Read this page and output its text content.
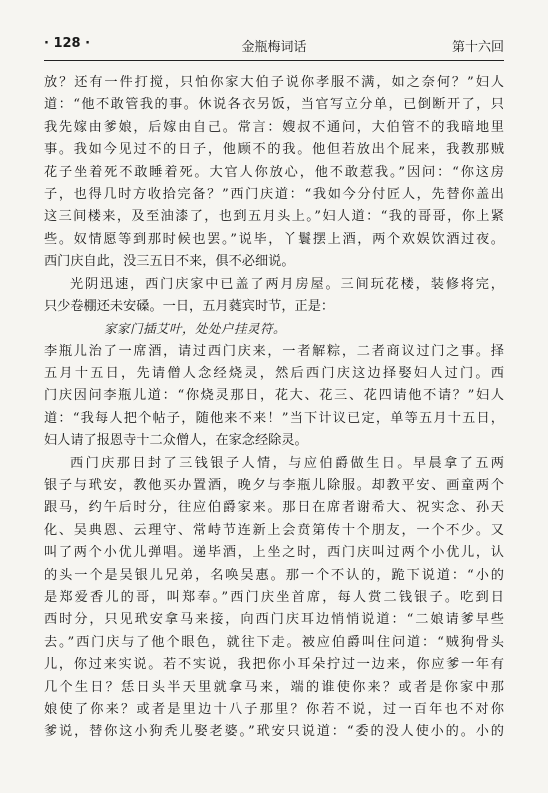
· 128 ·	金瓶梅词话	第十六回
放？还有一件打搅，只怕你家大伯子说你孝服不满，如之奈何？”妇人
道：“他不敢管我的事。休说各衣另饭，当官写立分单，已倒断开了，只
我先嫁由爹娘，后嫁由自己。常言：嫂叔不通问，大伯管不的我暗地里
事。我如今见过不的日子，他顾不的我。他但若放出个屁来，我教那贼
花子坐着死不敢睡着死。大官人你放心，他不敢惹我。”因问：“你这房
子，也得几时方收拾完备？”西门庆道：“我如今分付匠人，先替你盖出
这三间楼来，及至油漆了，也到五月头上。”妇人道：“我的哥哥，你上紧
些。奴情愿等到那时候也罢。”说毕，丫鬟摆上酒，两个欢娱饮酒过夜。
西门庆自此，没三五日不来，俱不必细说。
光阴迅速，西门庆家中已盖了两月房屋。三间玩花楼，装修将完，
只少卷棚还未安磉。一日，五月蕤宾时节，正是：
家家门插艾叶，处处户挂灵符。
李瓶儿治了一席酒，请过西门庆来，一者解粽，二者商议过门之事。择
五月十五日，先请僧人念经烧灵，然后西门庆这边择娶妇人过门。西
门庆因问李瓶儿道：“你烧灵那日，花大、花三、花四请他不请？”妇人
道：“我每人把个帖子，随他来不来！”当下计议已定，单等五月十五日，
妇人请了报恩寺十二众僧人，在家念经除灵。
西门庆那日封了三钱银子人情，与应伯爵做生日。早晨拿了五两
银子与玳安，教他买办置酒，晚夕与李瓶儿除服。却教平安、画童两个
跟马，约午后时分，往应伯爵家来。那日在席者谢希大、祝实念、孙天
化、吴典恩、云理守、常峙节连新上会贲第传十个朋友，一个不少。又
叫了两个小优儿弹唱。递毕酒，上坐之时，西门庆叫过两个小优儿，认
的头一个是吴银儿兄弟，名唤吴惠。那一个不认的，跪下说道：“小的
是郑爱香儿的哥，叫郑奉。”西门庆坐首席，每人赏二钱银子。吃到日
西时分，只见玳安拿马来接，向西门庆耳边悄悄说道：“二娘请爹早些
去。”西门庆与了他个眼色，就往下走。被应伯爵叫住问道：“贼狗骨头
儿，你过来实说。若不实说，我把你小耳朵拧过一边来，你应爹一年有
几个生日？恁日头半天里就拿马来，端的谁使你来？或者是你家中那
娘使了你来？或者是里边十八子那里？你若不说，过一百年也不对你
爹说，替你这小狗秃儿娶老婆。”玳安只说道：“委的没人使小的。小的
